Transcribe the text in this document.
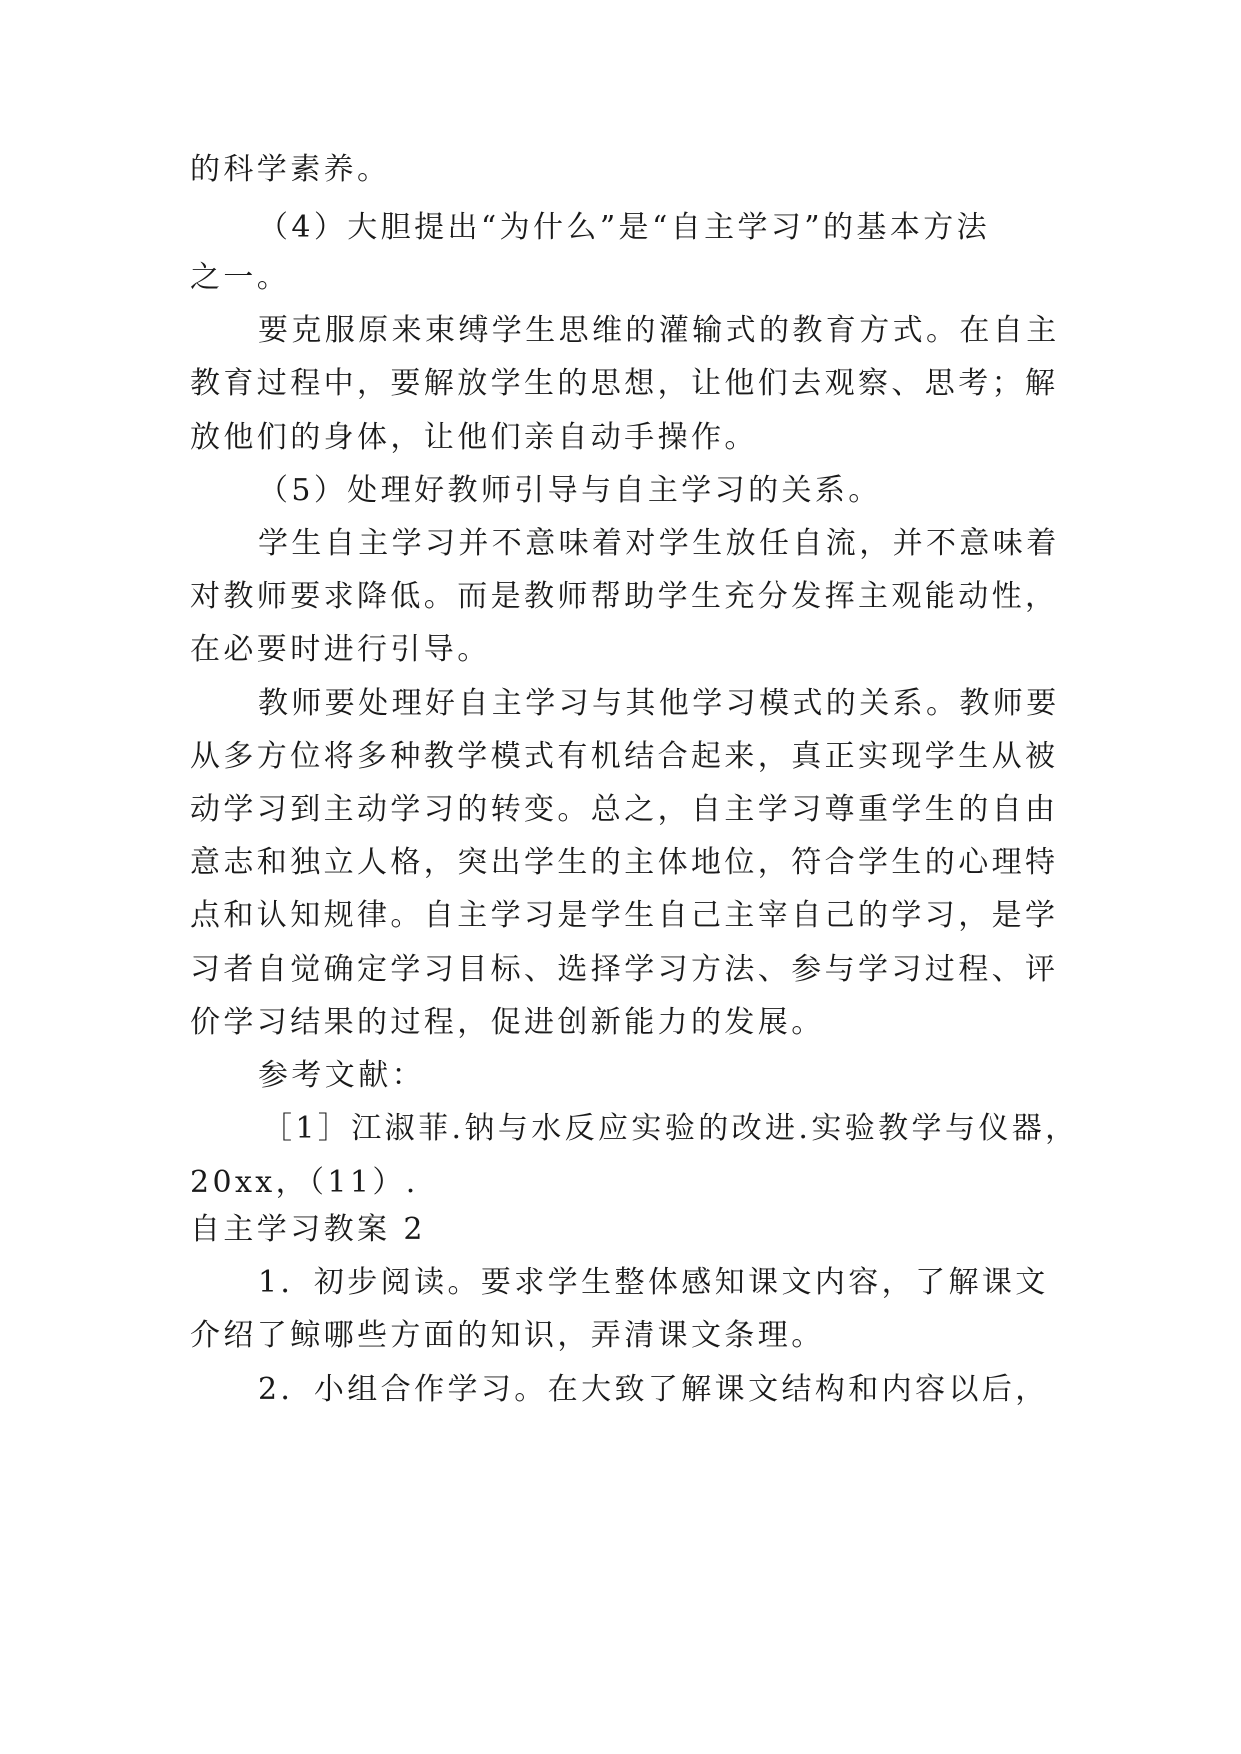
的科学素养。
（4）大胆提出“为什么”是“自主学习”的基本方法
之一。
要克服原来束缚学生思维的灌输式的教育方式。在自主
教育过程中，要解放学生的思想，让他们去观察、思考；解
放他们的身体，让他们亲自动手操作。
（5）处理好教师引导与自主学习的关系。
学生自主学习并不意味着对学生放任自流，并不意味着
对教师要求降低。而是教师帮助学生充分发挥主观能动性，
在必要时进行引导。
教师要处理好自主学习与其他学习模式的关系。教师要
从多方位将多种教学模式有机结合起来，真正实现学生从被
动学习到主动学习的转变。总之，自主学习尊重学生的自由
意志和独立人格，突出学生的主体地位，符合学生的心理特
点和认知规律。自主学习是学生自己主宰自己的学习，是学
习者自觉确定学习目标、选择学习方法、参与学习过程、评
价学习结果的过程，促进创新能力的发展。
参考文献：
［1］江淑菲.钠与水反应实验的改进.实验教学与仪器，
20xx，（11）.
自主学习教案 2
1．初步阅读。要求学生整体感知课文内容，了解课文
介绍了鲸哪些方面的知识，弄清课文条理。
2．小组合作学习。在大致了解课文结构和内容以后，
